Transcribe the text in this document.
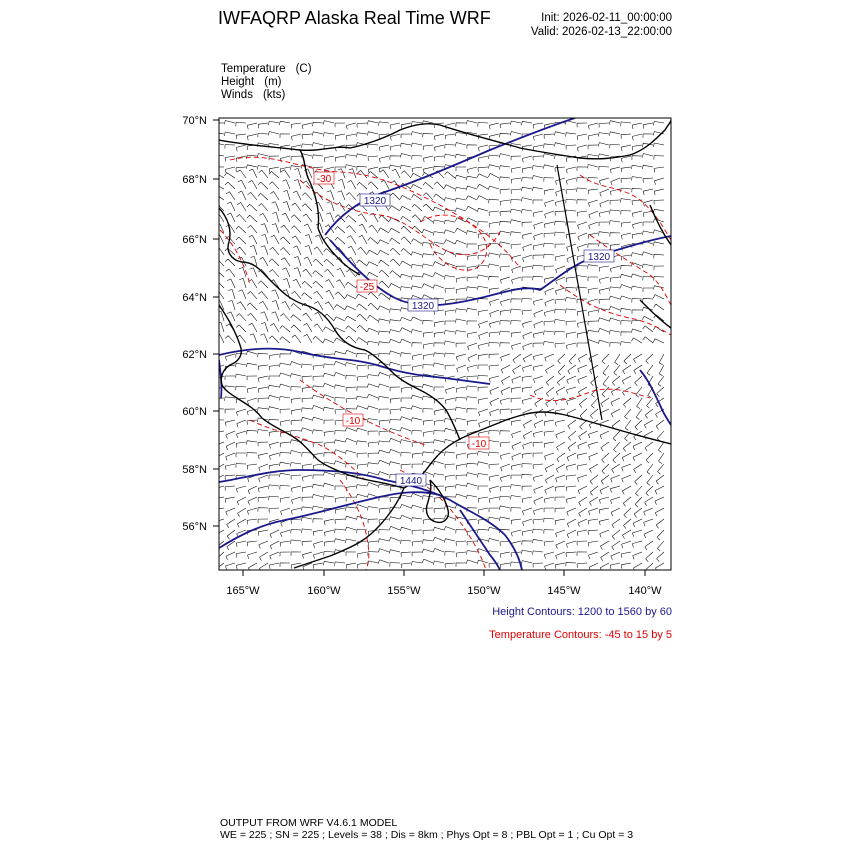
IWFAQRP Alaska Real Time WRF	Init: 2026-02-11_00:00:00
Valid: 2026-02-13_22:00:00
Temperature (C)
Height (m)
Winds (kts)
1320
1320
1320
1440
-30
-25
-10
-10
70°N
68°N
66°N
64°N
62°N
60°N
58°N
56°N
165°W	160°W	155°W	150°W	145°W	140°W
Height Contours: 1200 to 1560 by 60
Temperature Contours: -45 to 15 by 5
OUTPUT FROM WRF V4.6.1 MODEL
WE = 225 ; SN = 225 ; Levels = 38 ; Dis = 8km ; Phys Opt = 8 ; PBL Opt = 1 ; Cu Opt = 3
